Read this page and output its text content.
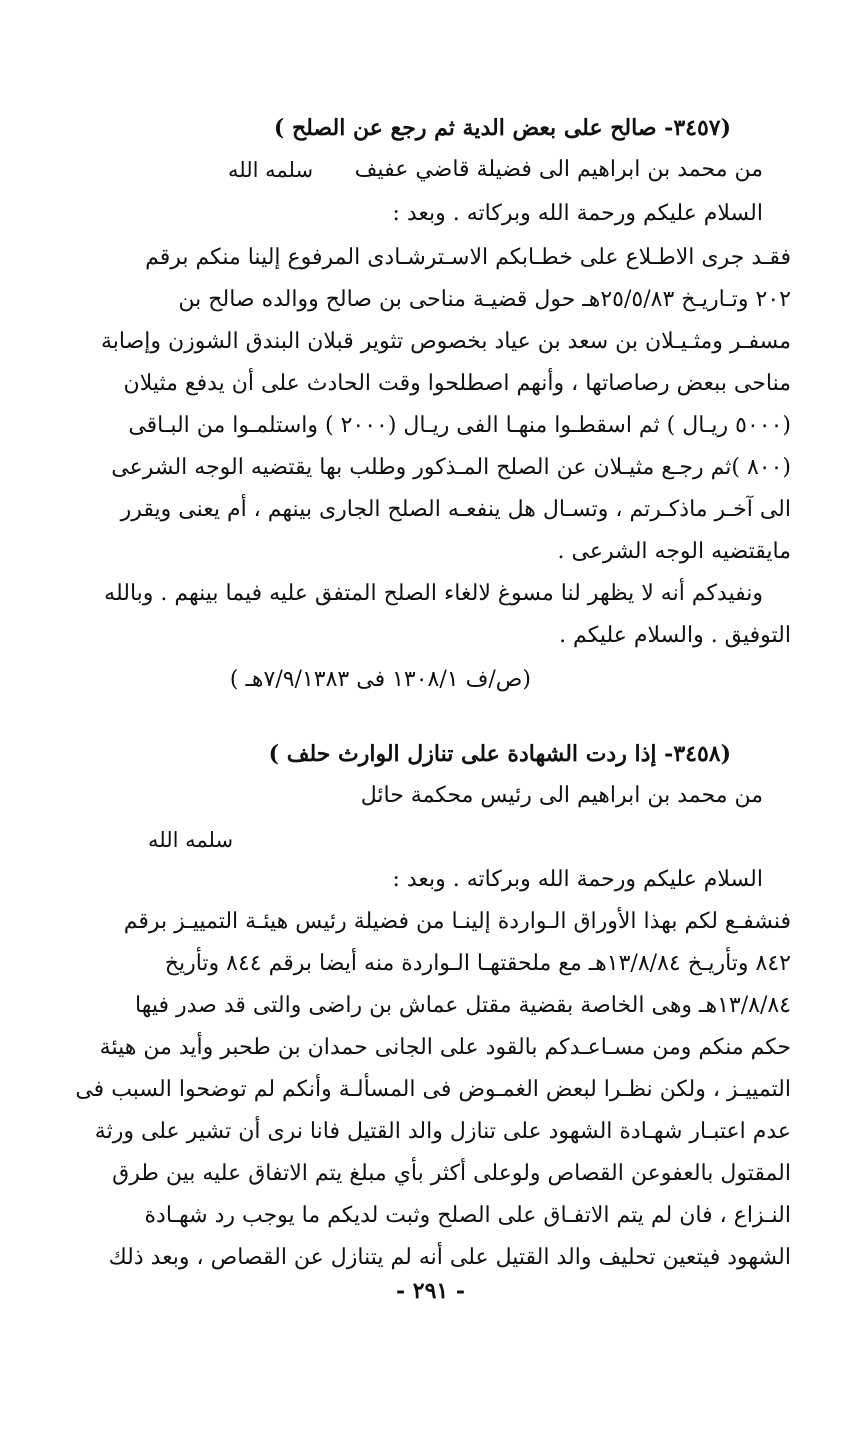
(٣٤٥٧- صالح على بعض الدية ثم رجع عن الصلح )
من محمد بن ابراهيم الى فضيلة قاضي عفيف
سلمه الله
السلام عليكم ورحمة الله وبركاته . وبعد :
فقـد جرى الاطـلاع على خطـابكم الاسـترشـادى المرفوع إلينا منكم برقم
٢٠٢ وتـاريـخ ٢٥/٥/٨٣هـ حول قضيـة مناحى بن صالح ووالده صالح بن
مسفـر ومثـيـلان بن سعد بن عياد بخصوص تثوير قبلان البندق الشوزن وإصابة
مناحى ببعض رصاصاتها ، وأنهم اصطلحوا وقت الحادث على أن يدفع مثيلان
(٥٠٠٠ ريـال ) ثم اسقطـوا منهـا الفى ريـال (٢٠٠٠ ) واستلمـوا من البـاقى
(٨٠٠ )ثم رجـع مثيـلان عن الصلح المـذكور وطلب بها يقتضيه الوجه الشرعى
الى آخـر ماذكـرتم ، وتسـال هل ينفعـه الصلح الجارى بينهم ، أم يعنى ويقرر
مايقتضيه الوجه الشرعى .
ونفيدكم أنه لا يظهر لنا مسوغ لالغاء الصلح المتفق عليه فيما بينهم . وبالله
التوفيق . والسلام عليكم .
(ص/ف ١٣٠٨/١ فى ٧/٩/١٣٨٣هـ )
(٣٤٥٨- إذا ردت الشهادة على تنازل الوارث حلف )
من محمد بن ابراهيم الى رئيس محكمة حائل
سلمه الله
السلام عليكم ورحمة الله وبركاته . وبعد :
فنشفـع لكم بهذا الأوراق الـواردة إلينـا من فضيلة رئيس هيئـة التمييـز برقم
٨٤٢ وتأريـخ ١٣/٨/٨٤هـ مع ملحقتهـا الـواردة منه أيضا برقم ٨٤٤ وتأريخ
١٣/٨/٨٤هـ وهى الخاصة بقضية مقتل عماش بن راضى والتى قد صدر فيها
حكم منكم ومن مسـاعـدكم بالقود على الجانى حمدان بن طحبر وأيد من هيئة
التمييـز ، ولكن نظـرا لبعض الغمـوض فى المسألـة وأنكم لم توضحوا السبب فى
عدم اعتبـار شهـادة الشهود على تنازل والد القتيل فانا نرى أن تشير على ورثة
المقتول بالعفوعن القصاص ولوعلى أكثر بأي مبلغ يتم الاتفاق عليه بين طرق
النـزاع ، فان لم يتم الاتفـاق على الصلح وثبت لديكم ما يوجب رد شهـادة
الشهود فيتعين تحليف والد القتيل على أنه لم يتنازل عن القصاص ، وبعد ذلك
- ٢٩١ -
